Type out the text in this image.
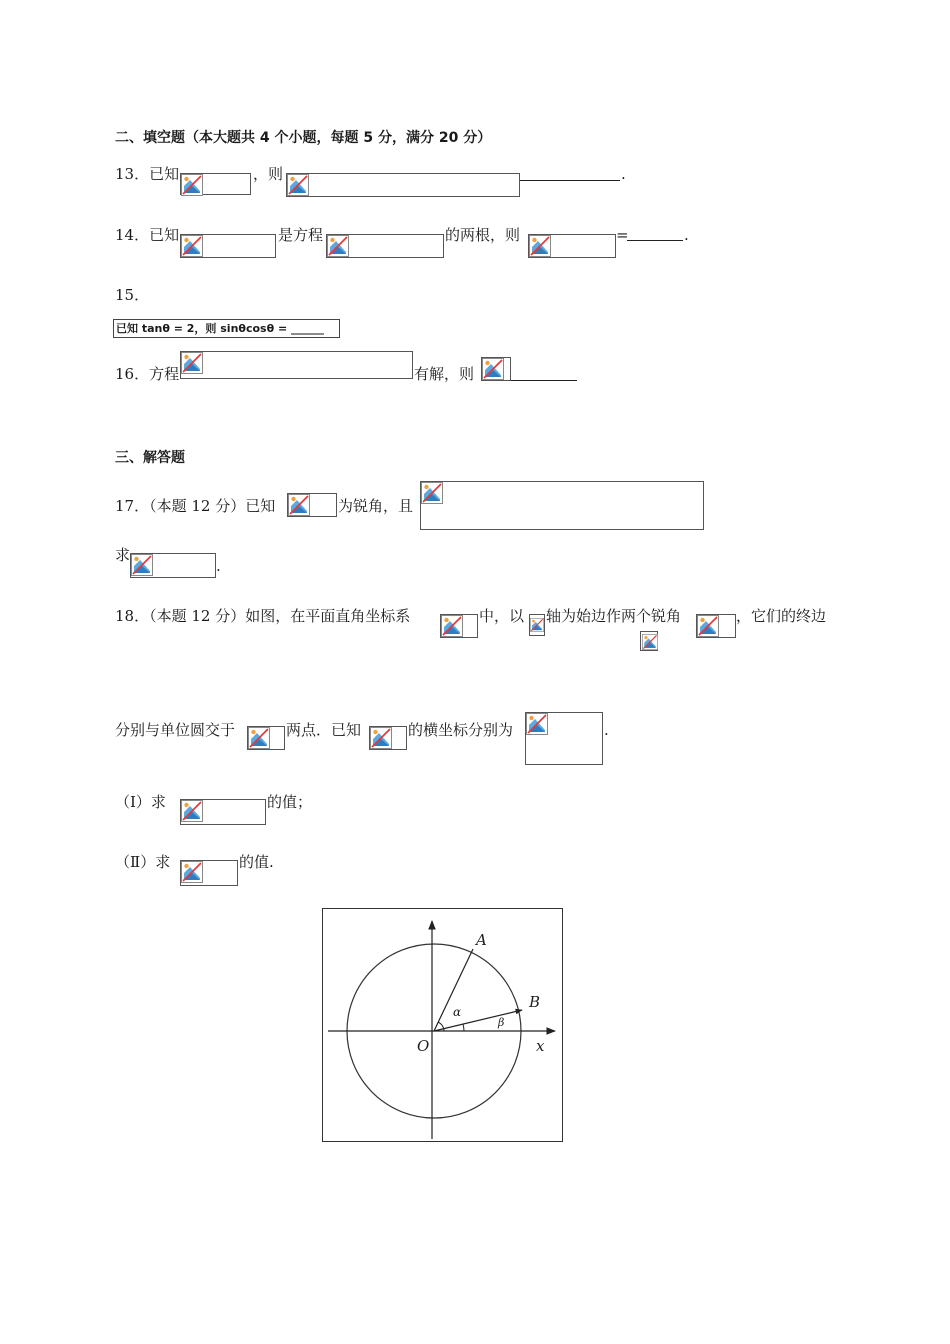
二、填空题（本大题共 4 个小题，每题 5 分，满分 20 分）
13．已知	，则	.
14．已知	是方程	的两根，则	=	.
15．
已知 tanθ = 2，则 sinθcosθ = ______
16．方程	有解，则
三、解答题
17．（本题 12 分）已知	为锐角，且
求
.
18．（本题 12 分）如图，在平面直角坐标系	中，以 轴为始边作两个锐角	，它们的终边
分别与单位圆交于	两点．已知	的横坐标分别为	.
（Ⅰ）求	的值；
（Ⅱ）求	的值.
A
B
O	x
α
β
